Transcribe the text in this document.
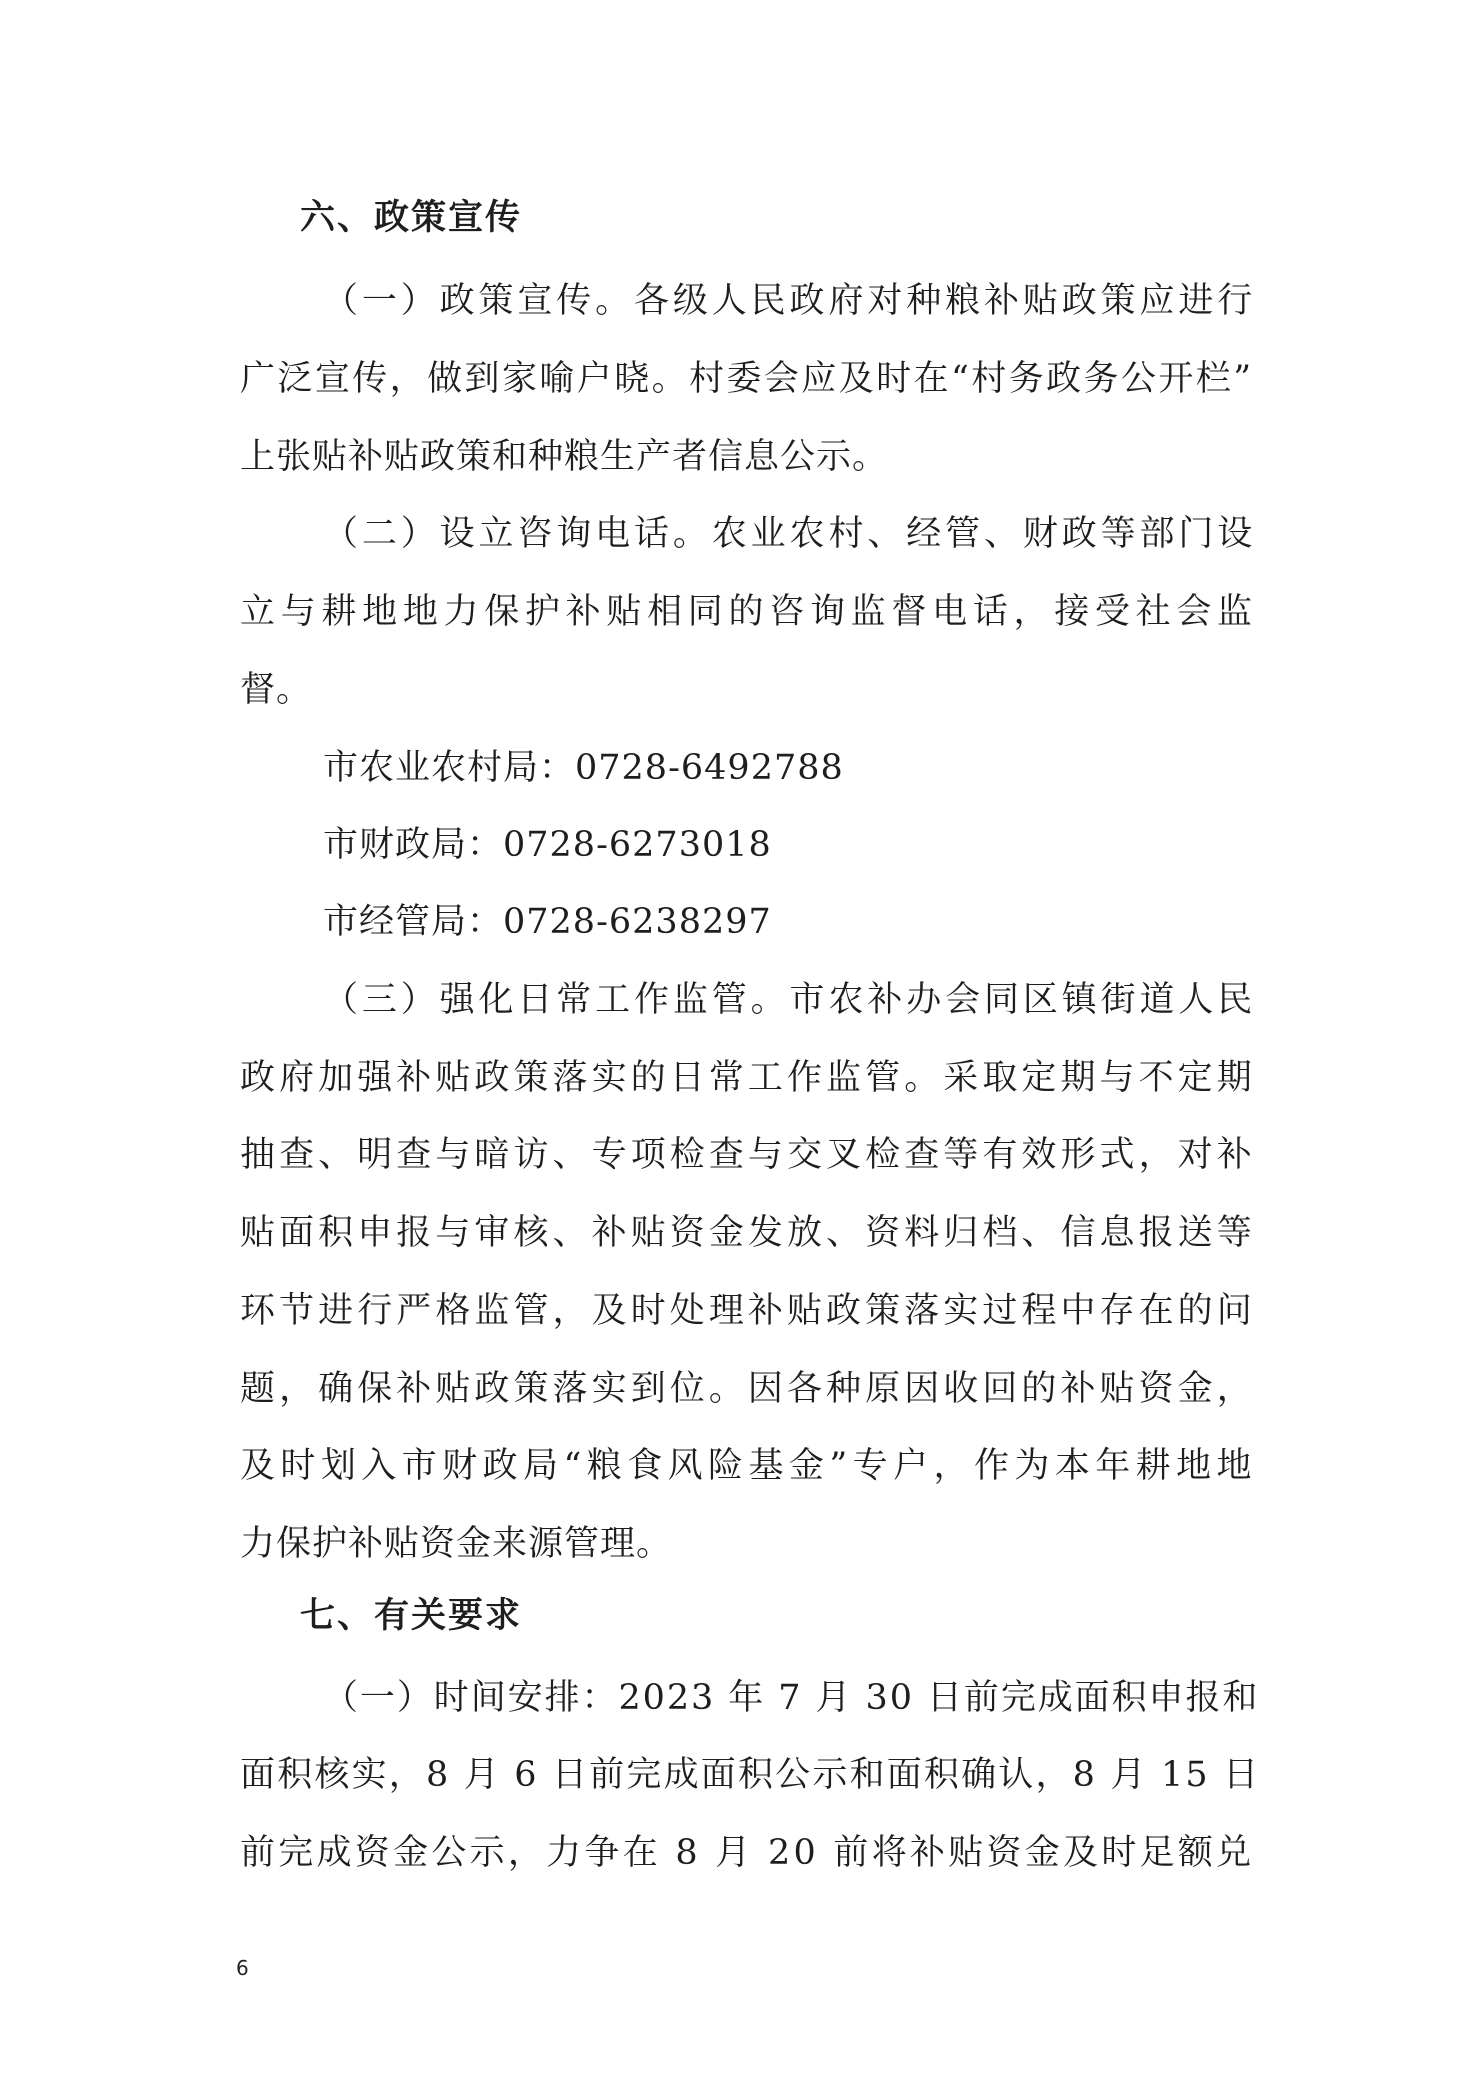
六、政策宣传
（一）政策宣传。各级人民政府对种粮补贴政策应进行
广泛宣传，做到家喻户晓。村委会应及时在“村务政务公开栏”
上张贴补贴政策和种粮生产者信息公示。
（二）设立咨询电话。农业农村、经管、财政等部门设
立与耕地地力保护补贴相同的咨询监督电话，接受社会监
督。
市农业农村局：0728-6492788
市财政局：0728-6273018
市经管局：0728-6238297
（三）强化日常工作监管。市农补办会同区镇街道人民
政府加强补贴政策落实的日常工作监管。采取定期与不定期
抽查、明查与暗访、专项检查与交叉检查等有效形式，对补
贴面积申报与审核、补贴资金发放、资料归档、信息报送等
环节进行严格监管，及时处理补贴政策落实过程中存在的问
题，确保补贴政策落实到位。因各种原因收回的补贴资金，
及时划入市财政局“粮食风险基金”专户，作为本年耕地地
力保护补贴资金来源管理。
七、有关要求
（一）时间安排：2023 年 7 月 30 日前完成面积申报和
面积核实，8 月 6 日前完成面积公示和面积确认，8 月 15 日
前完成资金公示，力争在 8 月 20 前将补贴资金及时足额兑
6
